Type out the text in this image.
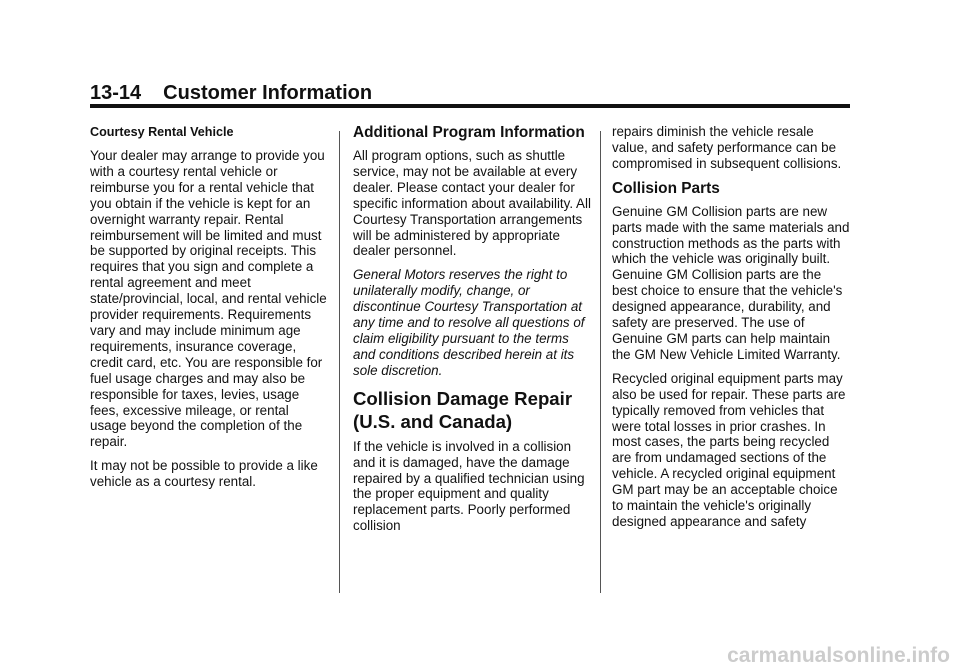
13-14 Customer Information
Courtesy Rental Vehicle

Your dealer may arrange to provide you with a courtesy rental vehicle or reimburse you for a rental vehicle that you obtain if the vehicle is kept for an overnight warranty repair. Rental reimbursement will be limited and must be supported by original receipts. This requires that you sign and complete a rental agreement and meet state/provincial, local, and rental vehicle provider requirements. Requirements vary and may include minimum age requirements, insurance coverage, credit card, etc. You are responsible for fuel usage charges and may also be responsible for taxes, levies, usage fees, excessive mileage, or rental usage beyond the completion of the repair.

It may not be possible to provide a like vehicle as a courtesy rental.

Additional Program Information

All program options, such as shuttle service, may not be available at every dealer. Please contact your dealer for specific information about availability. All Courtesy Transportation arrangements will be administered by appropriate dealer personnel.

General Motors reserves the right to unilaterally modify, change, or discontinue Courtesy Transportation at any time and to resolve all questions of claim eligibility pursuant to the terms and conditions described herein at its sole discretion.

Collision Damage Repair (U.S. and Canada)

If the vehicle is involved in a collision and it is damaged, have the damage repaired by a qualified technician using the proper equipment and quality replacement parts. Poorly performed collision

repairs diminish the vehicle resale value, and safety performance can be compromised in subsequent collisions.

Collision Parts

Genuine GM Collision parts are new parts made with the same materials and construction methods as the parts with which the vehicle was originally built. Genuine GM Collision parts are the best choice to ensure that the vehicle's designed appearance, durability, and safety are preserved. The use of Genuine GM parts can help maintain the GM New Vehicle Limited Warranty.

Recycled original equipment parts may also be used for repair. These parts are typically removed from vehicles that were total losses in prior crashes. In most cases, the parts being recycled are from undamaged sections of the vehicle. A recycled original equipment GM part may be an acceptable choice to maintain the vehicle's originally designed appearance and safety

carmanualsonline.info
